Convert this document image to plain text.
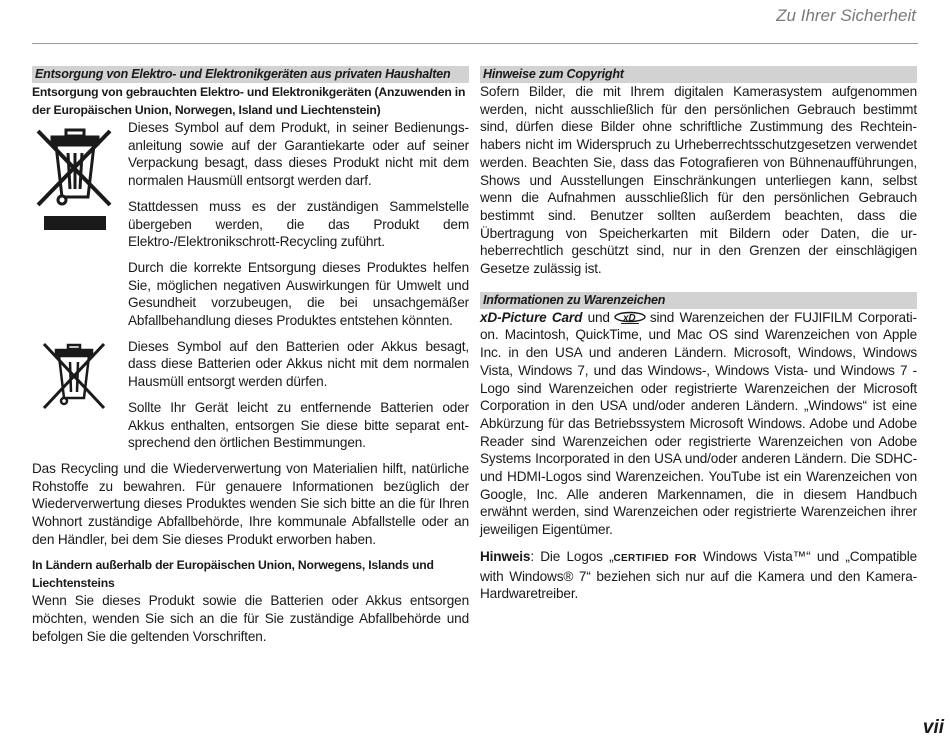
Zu Ihrer Sicherheit
Entsorgung von Elektro- und Elektronikgeräten aus privaten Haushalten
Entsorgung von gebrauchten Elektro- und Elektronikgeräten (Anzuwenden in der Europäischen Union, Norwegen, Island und Liechtenstein)

Dieses Symbol auf dem Produkt, in seiner Bedienungsanleitung sowie auf der Garantiekarte oder auf seiner Verpackung besagt, dass dieses Produkt nicht mit dem normalen Hausmüll entsorgt werden darf.

Stattdessen muss es der zuständigen Sammelstelle übergeben werden, die das Produkt dem Elektro-/Elektronikschrott-Recycling zuführt.

Durch die korrekte Entsorgung dieses Produktes helfen Sie, möglichen negativen Auswirkungen für Umwelt und Gesundheit vorzubeugen, die bei unsachgemäßer Abfallbehandlung dieses Produktes entstehen könnten.

Dieses Symbol auf den Batterien oder Akkus besagt, dass diese Batterien oder Akkus nicht mit dem normalen Hausmüll entsorgt werden dürfen.

Sollte Ihr Gerät leicht zu entfernende Batterien oder Akkus enthalten, entsorgen Sie diese bitte separat entsprechend den örtlichen Bestimmungen.

Das Recycling und die Wiederverwertung von Materialien hilft, natürliche Rohstoffe zu bewahren. Für genauere Informationen bezüglich der Wiederverwertung dieses Produktes wenden Sie sich bitte an die für Ihren Wohnort zuständige Abfallbehörde, Ihre kommunale Abfallstelle oder an den Händler, bei dem Sie dieses Produkt erworben haben.

In Ländern außerhalb der Europäischen Union, Norwegens, Islands und Liechtensteins

Wenn Sie dieses Produkt sowie die Batterien oder Akkus entsorgen möchten, wenden Sie sich an die für Sie zuständige Abfallbehörde und befolgen Sie die geltenden Vorschriften.

Hinweise zum Copyright

Sofern Bilder, die mit Ihrem digitalen Kamerasystem aufgenommen werden, nicht ausschließlich für den persönlichen Gebrauch bestimmt sind, dürfen diese Bilder ohne schriftliche Zustimmung des Rechteinhabers nicht im Widerspruch zu Urheberrechtsschutzgesetzen verwendet werden. Beachten Sie, dass das Fotografieren von Bühnenaufführungen, Shows und Ausstellungen Einschränkungen unterliegen kann, selbst wenn die Aufnahmen ausschließlich für den persönlichen Gebrauch bestimmt sind. Benutzer sollten außerdem beachten, dass die Übertragung von Speicherkarten mit Bildern oder Daten, die urheberrechtlich geschützt sind, nur in den Grenzen der einschlägigen Gesetze zulässig ist.

Informationen zu Warenzeichen

xD-Picture Card und xD sind Warenzeichen der FUJIFILM Corporation. Macintosh, QuickTime, und Mac OS sind Warenzeichen von Apple Inc. in den USA und anderen Ländern. Microsoft, Windows, Windows Vista, Windows 7, und das Windows-, Windows Vista- und Windows 7 -Logo sind Warenzeichen oder registrierte Warenzeichen der Microsoft Corporation in den USA und/oder anderen Ländern. „Windows“ ist eine Abkürzung für das Betriebssystem Microsoft Windows. Adobe und Adobe Reader sind Warenzeichen oder registrierte Warenzeichen von Adobe Systems Incorporated in den USA und/oder anderen Ländern. Die SDHC- und HDMI-Logos sind Warenzeichen. YouTube ist ein Warenzeichen von Google, Inc. Alle anderen Markennamen, die in diesem Handbuch erwähnt werden, sind Warenzeichen oder registrierte Warenzeichen ihrer jeweiligen Eigentümer.

Hinweis: Die Logos „CERTIFIED FOR Windows Vista™“ und „Compatible with Windows® 7“ beziehen sich nur auf die Kamera und den Kamera-Hardwaretreiber.

vii
